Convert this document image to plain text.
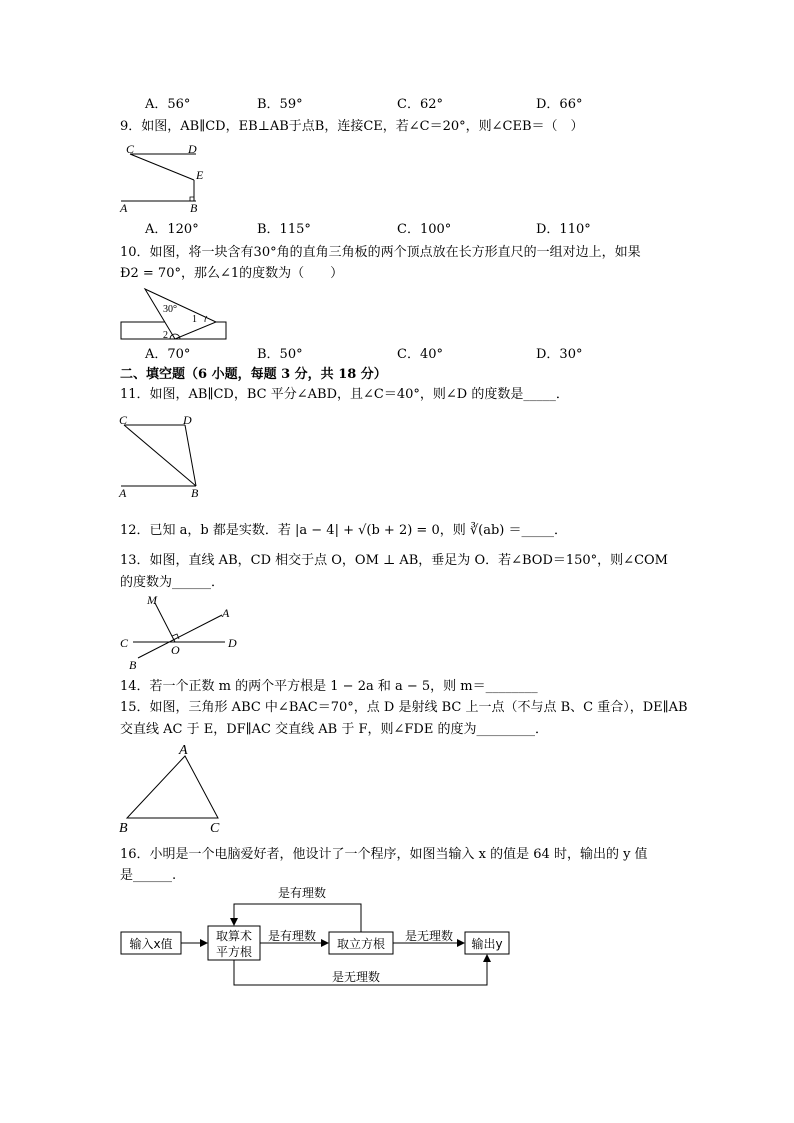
A．56°	B．59°	C．62°	D．66°
9．如图，AB∥CD，EB⊥AB于点B，连接CE，若∠C＝20°，则∠CEB＝（　）
C	D
E
A	B
A．120°	B．115°	C．100°	D．110°
10．如图，将一块含有30°角的直角三角板的两个顶点放在长方形直尺的一组对边上，如果
Ð2 = 70°，那么∠1的度数为（　　）
30°
1
2
A．70°	B．50°	C．40°	D．30°
二、填空题（6 小题，每题 3 分，共 18 分）
11．如图，AB∥CD，BC 平分∠ABD，且∠C＝40°，则∠D 的度数是_____．
C	D
A	B
12．已知 a，b 都是实数．若 |a − 4| + √(b + 2) = 0，则 ∛(ab) ＝_____．
13．如图，直线 AB，CD 相交于点 O，OM ⊥ AB，垂足为 O．若∠BOD＝150°，则∠COM
的度数为______．
M
A
C	D
O
B
14．若一个正数 m 的两个平方根是 1 − 2a 和 a − 5，则 m＝________
15．如图，三角形 ABC 中∠BAC＝70°，点 D 是射线 BC 上一点（不与点 B、C 重合），DE∥AB
交直线 AC 于 E，DF∥AC 交直线 AB 于 F，则∠FDE 的度为_________．
A
B	C
16．小明是一个电脑爱好者，他设计了一个程序，如图当输入 x 的值是 64 时，输出的 y 值
是______.
输入x值
取算术
平方根
取立方根	输出y
是有理数
是有理数	是无理数
是无理数
